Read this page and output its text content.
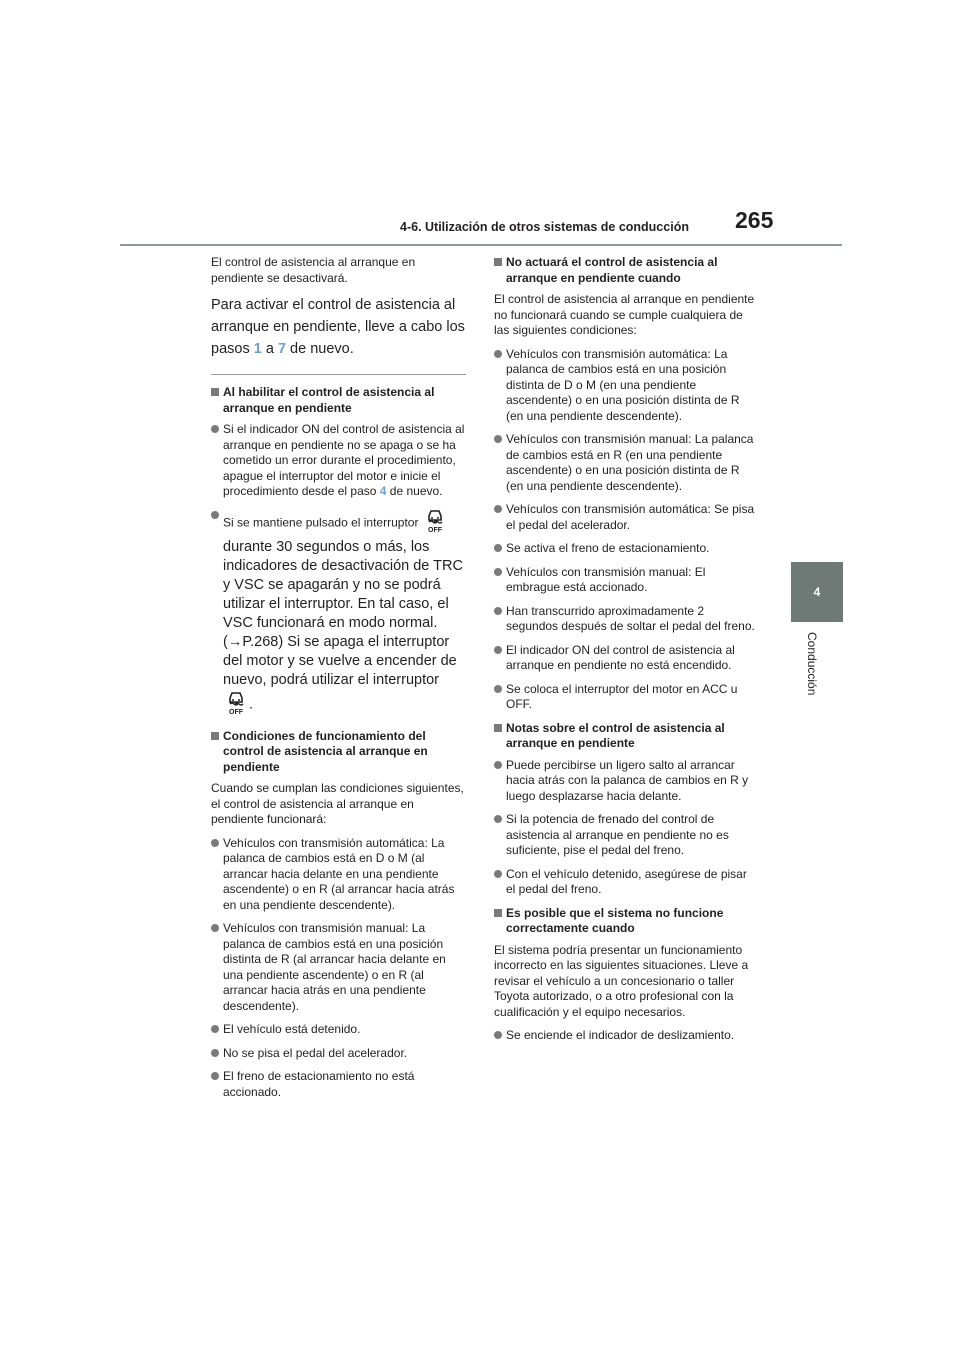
265
4-6. Utilización de otros sistemas de conducción
4
Conducción

El control de asistencia al arranque en pendiente se desactivará.

Para activar el control de asistencia al arranque en pendiente, lleve a cabo los pasos 1 a 7 de nuevo.

Al habilitar el control de asistencia al arranque en pendiente
Si el indicador ON del control de asistencia al arranque en pendiente no se apaga o se ha cometido un error durante el procedimiento, apague el interruptor del motor e inicie el procedimiento desde el paso 4 de nuevo.
Si se mantiene pulsado el interruptor
OFF

durante 30 segundos o más, los indicadores de desactivación de TRC y VSC se apagarán y no se podrá utilizar el interruptor. En tal caso, el VSC funcionará en modo normal. (→P.268) Si se apaga el interruptor del motor y se vuelve a encender de nuevo, podrá utilizar el interruptor
OFF
.
Condiciones de funcionamiento del control de asistencia al arranque en pendiente

Cuando se cumplan las condiciones siguientes, el control de asistencia al arranque en pendiente funcionará:

Vehículos con transmisión automática: La palanca de cambios está en D o M (al arrancar hacia delante en una pendiente ascendente) o en R (al arrancar hacia atrás en una pendiente descendente).
Vehículos con transmisión manual: La palanca de cambios está en una posición distinta de R (al arrancar hacia delante en una pendiente ascendente) o en R (al arrancar hacia atrás en una pendiente descendente).
El vehículo está detenido.
No se pisa el pedal del acelerador.
El freno de estacionamiento no está accionado.
No actuará el control de asistencia al arranque en pendiente cuando

El control de asistencia al arranque en pendiente no funcionará cuando se cumple cualquiera de las siguientes condiciones:

Vehículos con transmisión automática: La palanca de cambios está en una posición distinta de D o M (en una pendiente ascendente) o en una posición distinta de R (en una pendiente descendente).
Vehículos con transmisión manual: La palanca de cambios está en R (en una pendiente ascendente) o en una posición distinta de R (en una pendiente descendente).
Vehículos con transmisión automática: Se pisa el pedal del acelerador.
Se activa el freno de estacionamiento.
Vehículos con transmisión manual: El embrague está accionado.
Han transcurrido aproximadamente 2 segundos después de soltar el pedal del freno.
El indicador ON del control de asistencia al arranque en pendiente no está encendido.
Se coloca el interruptor del motor en ACC u OFF.
Notas sobre el control de asistencia al arranque en pendiente
Puede percibirse un ligero salto al arrancar hacia atrás con la palanca de cambios en R y luego desplazarse hacia delante.
Si la potencia de frenado del control de asistencia al arranque en pendiente no es suficiente, pise el pedal del freno.
Con el vehículo detenido, asegúrese de pisar el pedal del freno.
Es posible que el sistema no funcione correctamente cuando

El sistema podría presentar un funcionamiento incorrecto en las siguientes situaciones. Lleve a revisar el vehículo a un concesionario o taller Toyota autorizado, o a otro profesional con la cualificación y el equipo necesarios.

Se enciende el indicador de deslizamiento.
